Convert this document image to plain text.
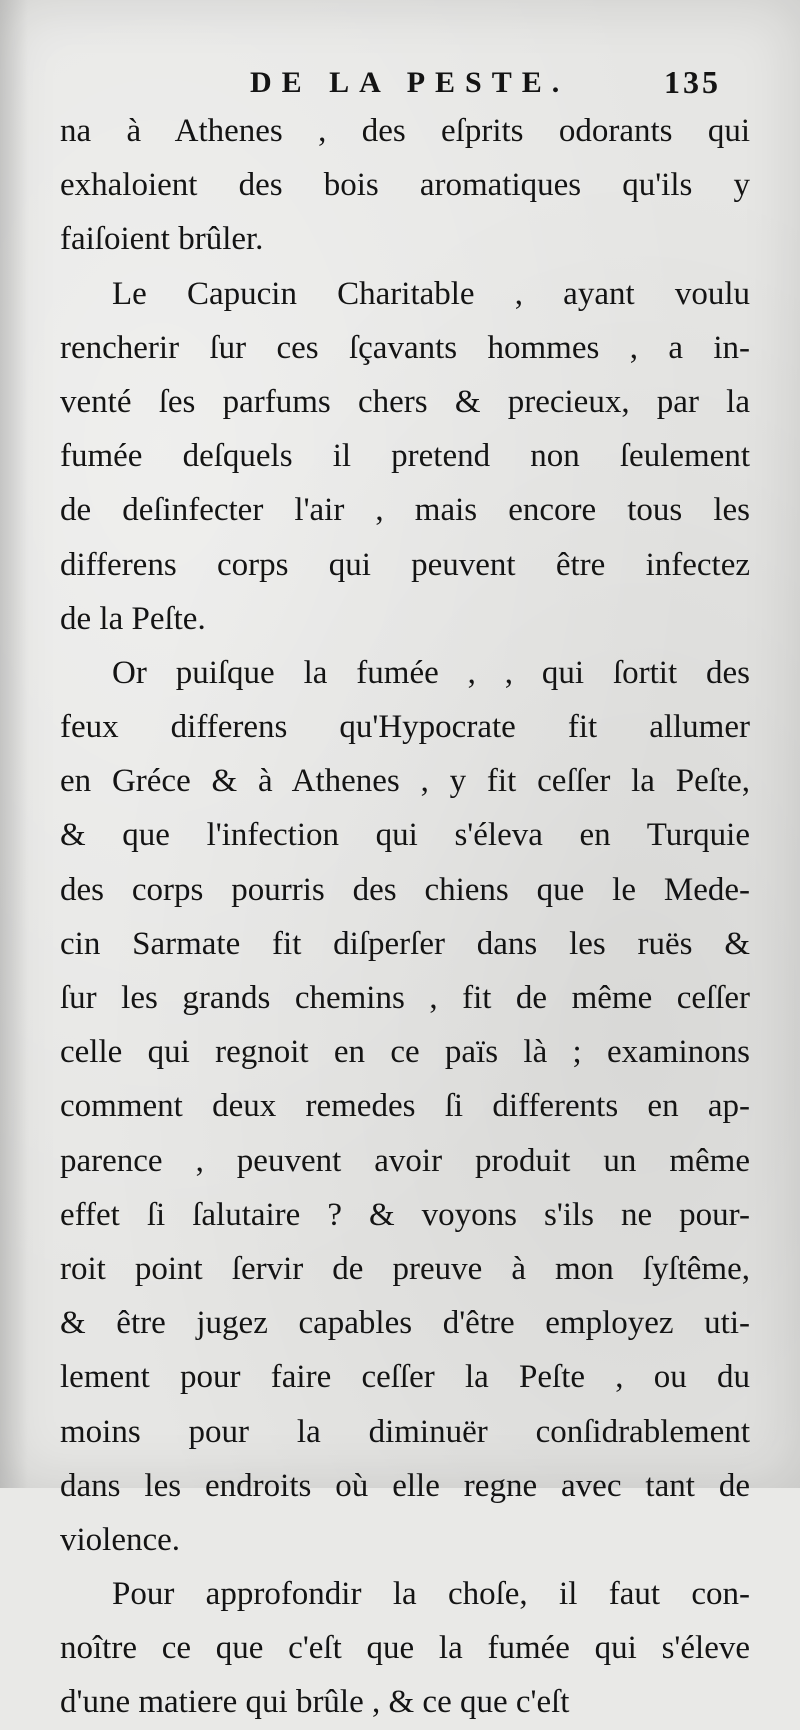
DE LA PESTE.	135
na à Athenes , des eſprits odorants qui
exhaloient des bois aromatiques qu'ils y
faiſoient brûler.
Le Capucin Charitable , ayant voulu
rencherir ſur ces ſçavants hommes , a in-
venté ſes parfums chers & precieux, par la
fumée deſquels il pretend non ſeulement
de deſinfecter l'air , mais encore tous les
differens corps qui peuvent être infectez
de la Peſte.
Or puiſque la fumée , , qui ſortit des
feux differens qu'Hypocrate fit allumer
en Gréce & à Athenes , y fit ceſſer la Peſte,
& que l'infection qui s'éleva en Turquie
des corps pourris des chiens que le Mede-
cin Sarmate fit diſperſer dans les ruës &
ſur les grands chemins , fit de même ceſſer
celle qui regnoit en ce païs là ; examinons
comment deux remedes ſi differents en ap-
parence , peuvent avoir produit un même
effet ſi ſalutaire ? & voyons s'ils ne pour-
roit point ſervir de preuve à mon ſyſtême,
& être jugez capables d'être employez uti-
lement pour faire ceſſer la Peſte , ou du
moins pour la diminuër conſidrablement
dans les endroits où elle regne avec tant de
violence.
Pour approfondir la choſe, il faut con-
noître ce que c'eſt que la fumée qui s'éleve
d'une matiere qui brûle , & ce que c'eſt
